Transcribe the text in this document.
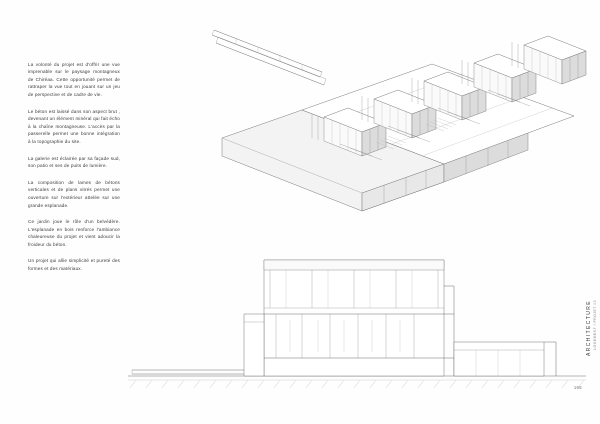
La volonté du projet est d'offrir une vue imprenable sur le paysage montagneux de Chiréaa. Cette opportunité permet de rattraper la vue tout en jouant sur un jeu de perspective et de cadre de vie.

Le béton est laissé dans son aspect brut , devenant un élément minéral qui fait écho à la chaîne montagneuse. L'accès par la passerelle permet une bonne intégration à la topographie du site.

La galerie est éclairée par sa façade sud, son patio et ses de puits de lumière.

La composition de lames de bétons verticales et de plans vitrés permet une ouverture sur l'extérieur attelée sur une grande esplanade.

Ce jardin joue le rôle d'un belvédère. L'esplanade en bois renforce l'ambiance chaleureuse du projet et vient adoucir la froideur du béton.

Un projet qui allie simplicité et pureté des formes et des matériaux.

ARCHITECTURE LOGEMENT / PROJET 03
165
